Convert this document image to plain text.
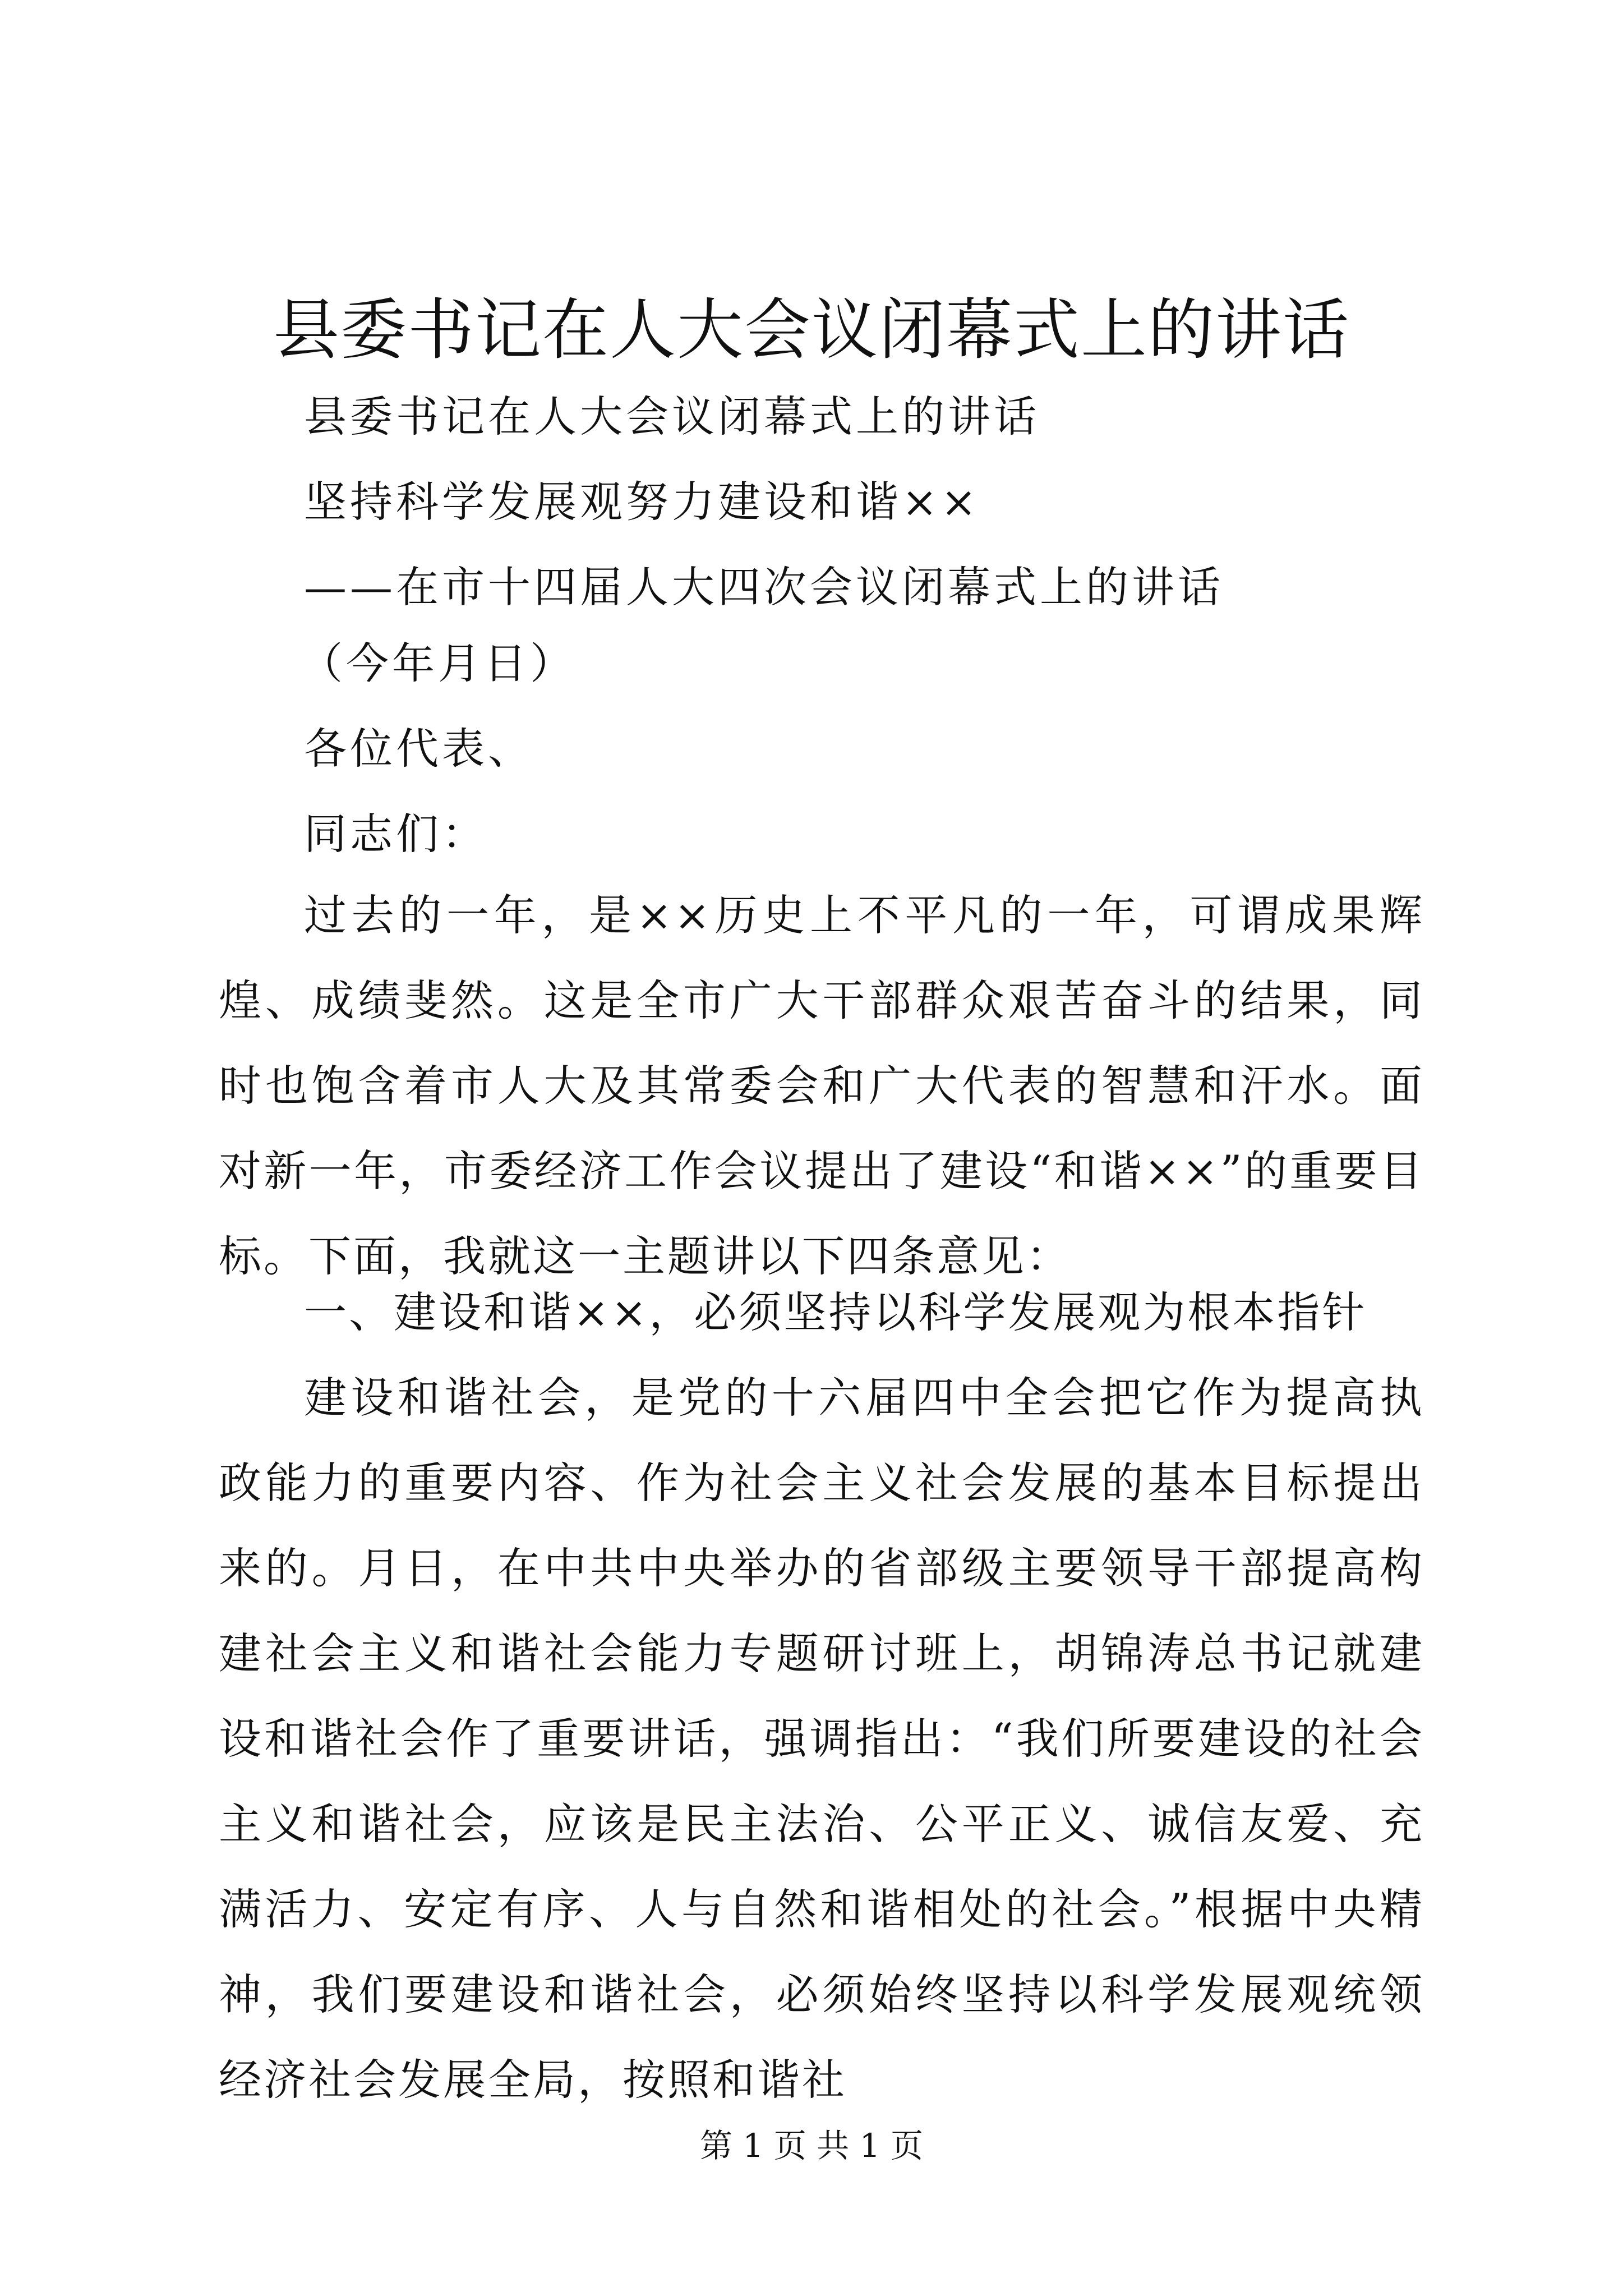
县委书记在人大会议闭幕式上的讲话
县委书记在人大会议闭幕式上的讲话
坚持科学发展观努力建设和谐××
——在市十四届人大四次会议闭幕式上的讲话
（今年月日）
各位代表、
同志们：
过去的一年，是××历史上不平凡的一年，可谓成果辉煌、成绩斐然。这是全市广大干部群众艰苦奋斗的结果，同时也饱含着市人大及其常委会和广大代表的智慧和汗水。面对新一年，市委经济工作会议提出了建设“和谐××”的重要目标。下面，我就这一主题讲以下四条意见：
一、建设和谐××，必须坚持以科学发展观为根本指针
建设和谐社会，是党的十六届四中全会把它作为提高执政能力的重要内容、作为社会主义社会发展的基本目标提出来的。月日，在中共中央举办的省部级主要领导干部提高构建社会主义和谐社会能力专题研讨班上，胡锦涛总书记就建设和谐社会作了重要讲话，强调指出：“我们所要建设的社会主义和谐社会，应该是民主法治、公平正义、诚信友爱、充满活力、安定有序、人与自然和谐相处的社会。”根据中央精神，我们要建设和谐社会，必须始终坚持以科学发展观统领经济社会发展全局，按照和谐社
第 1 页 共 1 页
